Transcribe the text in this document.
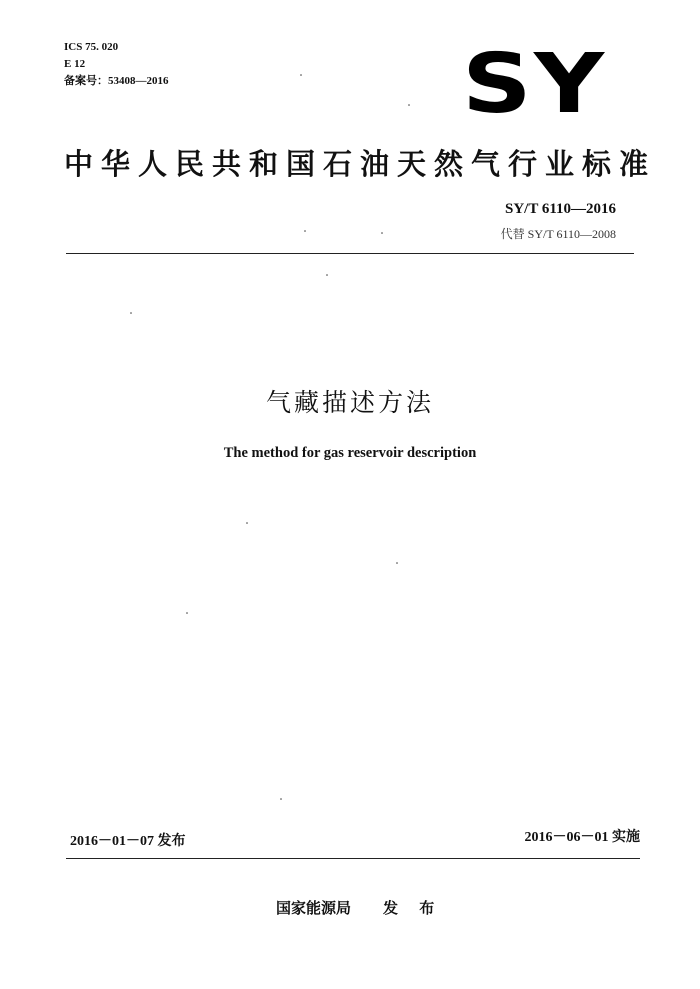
ICS 75. 020
E 12
备案号：53408—2016	SY
中华人民共和国石油天然气行业标准
SY/T 6110—2016
代替 SY/T 6110—2008
气藏描述方法
The method for gas reservoir description
2016－01－07 发布	2016－06－01 实施
国家能源局 发 布
